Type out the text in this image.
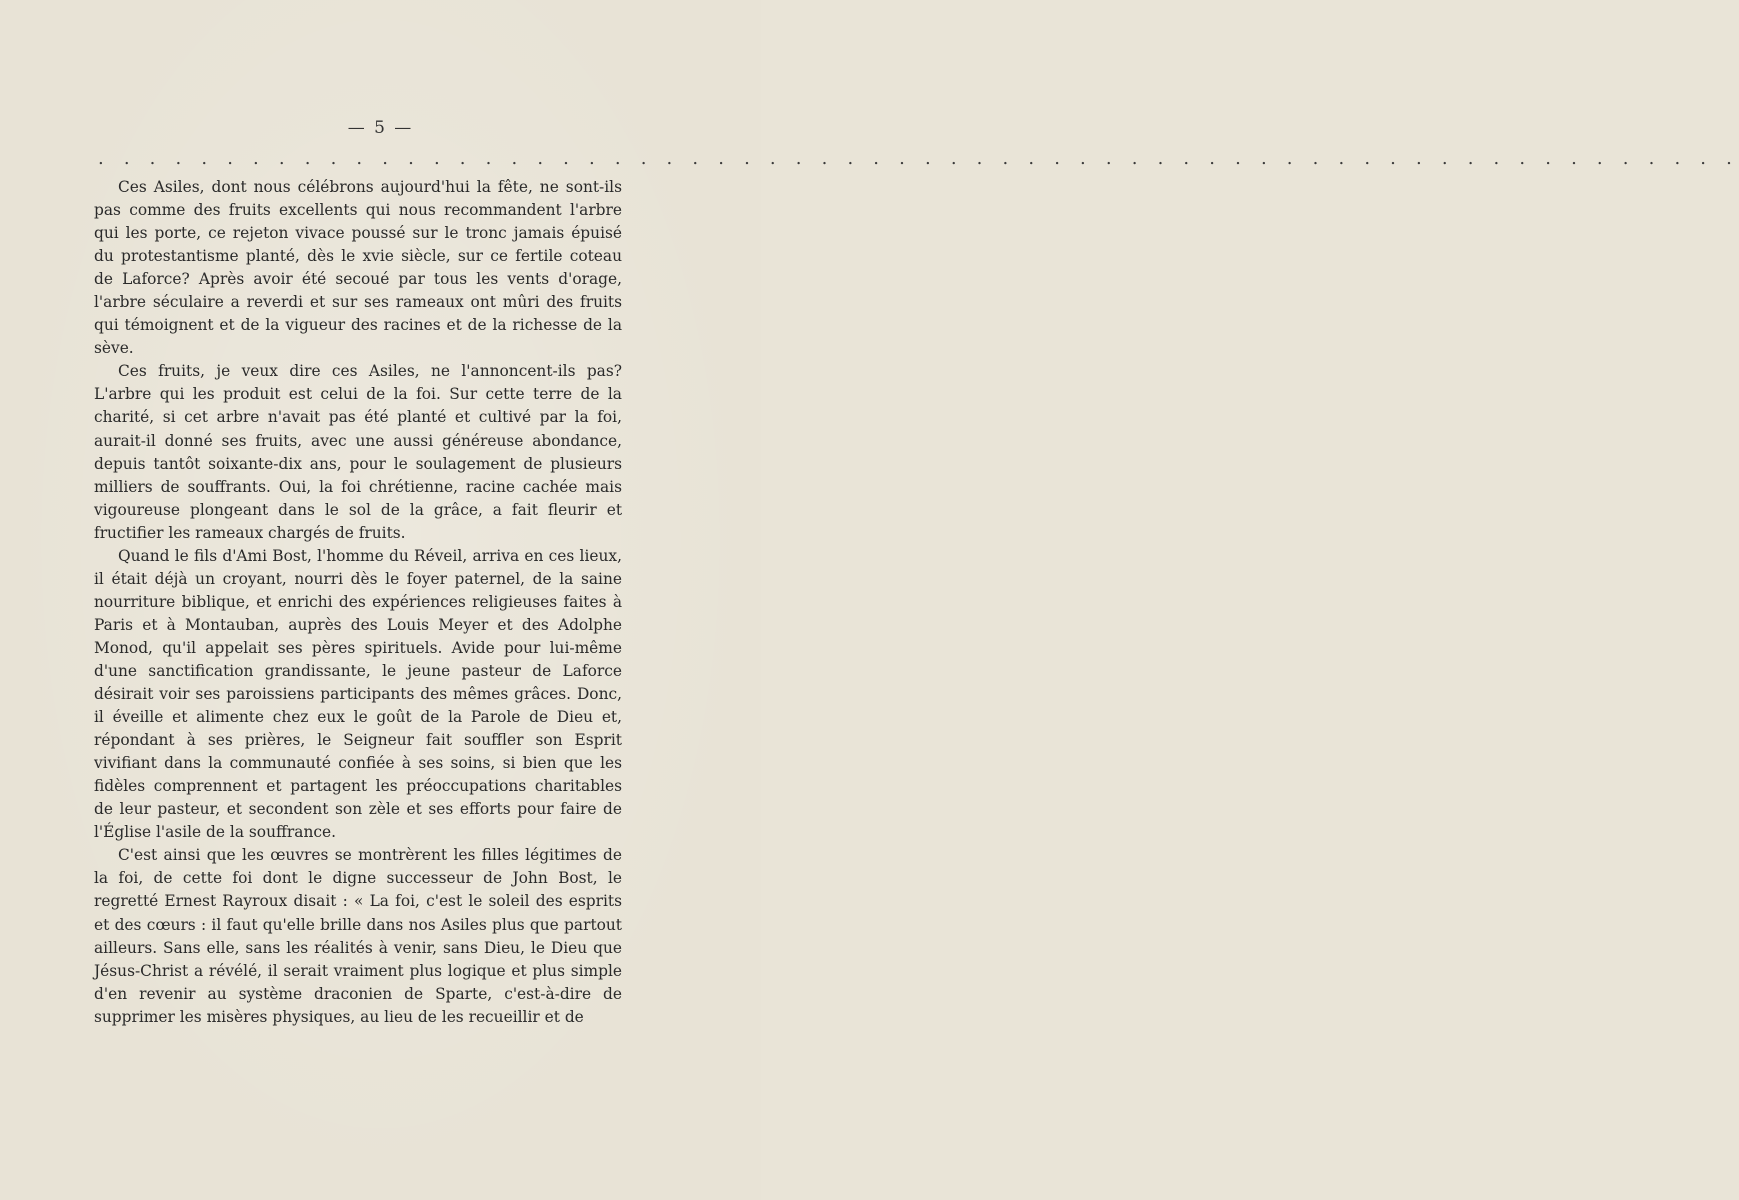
— 5 —
. . . . . . . . . . . . . . . . . . . . . . . . . . . . . . . . . . . . . . . . . . . . . . . . . . . . . . . . . . . . . . . .

Ces Asiles, dont nous célébrons aujourd'hui la fête, ne sont-ils pas comme des fruits excellents qui nous recommandent l'arbre qui les porte, ce rejeton vivace poussé sur le tronc jamais épuisé du protestantisme planté, dès le xvie siècle, sur ce fertile coteau de Laforce? Après avoir été secoué par tous les vents d'orage, l'arbre séculaire a reverdi et sur ses rameaux ont mûri des fruits qui témoignent et de la vigueur des racines et de la richesse de la sève.

Ces fruits, je veux dire ces Asiles, ne l'annoncent-ils pas? L'arbre qui les produit est celui de la foi. Sur cette terre de la charité, si cet arbre n'avait pas été planté et cultivé par la foi, aurait-il donné ses fruits, avec une aussi généreuse abondance, depuis tantôt soixante-dix ans, pour le soulagement de plusieurs milliers de souffrants. Oui, la foi chrétienne, racine cachée mais vigoureuse plongeant dans le sol de la grâce, a fait fleurir et fructifier les rameaux chargés de fruits.

Quand le fils d'Ami Bost, l'homme du Réveil, arriva en ces lieux, il était déjà un croyant, nourri dès le foyer paternel, de la saine nourriture biblique, et enrichi des expériences religieuses faites à Paris et à Montauban, auprès des Louis Meyer et des Adolphe Monod, qu'il appelait ses pères spirituels. Avide pour lui-même d'une sanctification grandissante, le jeune pasteur de Laforce désirait voir ses paroissiens participants des mêmes grâces. Donc, il éveille et alimente chez eux le goût de la Parole de Dieu et, répondant à ses prières, le Seigneur fait souffler son Esprit vivifiant dans la communauté confiée à ses soins, si bien que les fidèles comprennent et partagent les préoccupations charitables de leur pasteur, et secondent son zèle et ses efforts pour faire de l'Église l'asile de la souffrance.

C'est ainsi que les œuvres se montrèrent les filles légitimes de la foi, de cette foi dont le digne successeur de John Bost, le regretté Ernest Rayroux disait : « La foi, c'est le soleil des esprits et des cœurs : il faut qu'elle brille dans nos Asiles plus que partout ailleurs. Sans elle, sans les réalités à venir, sans Dieu, le Dieu que Jésus-Christ a révélé, il serait vraiment plus logique et plus simple d'en revenir au système draconien de Sparte, c'est-à-dire de supprimer les misères physiques, au lieu de les recueillir et de
